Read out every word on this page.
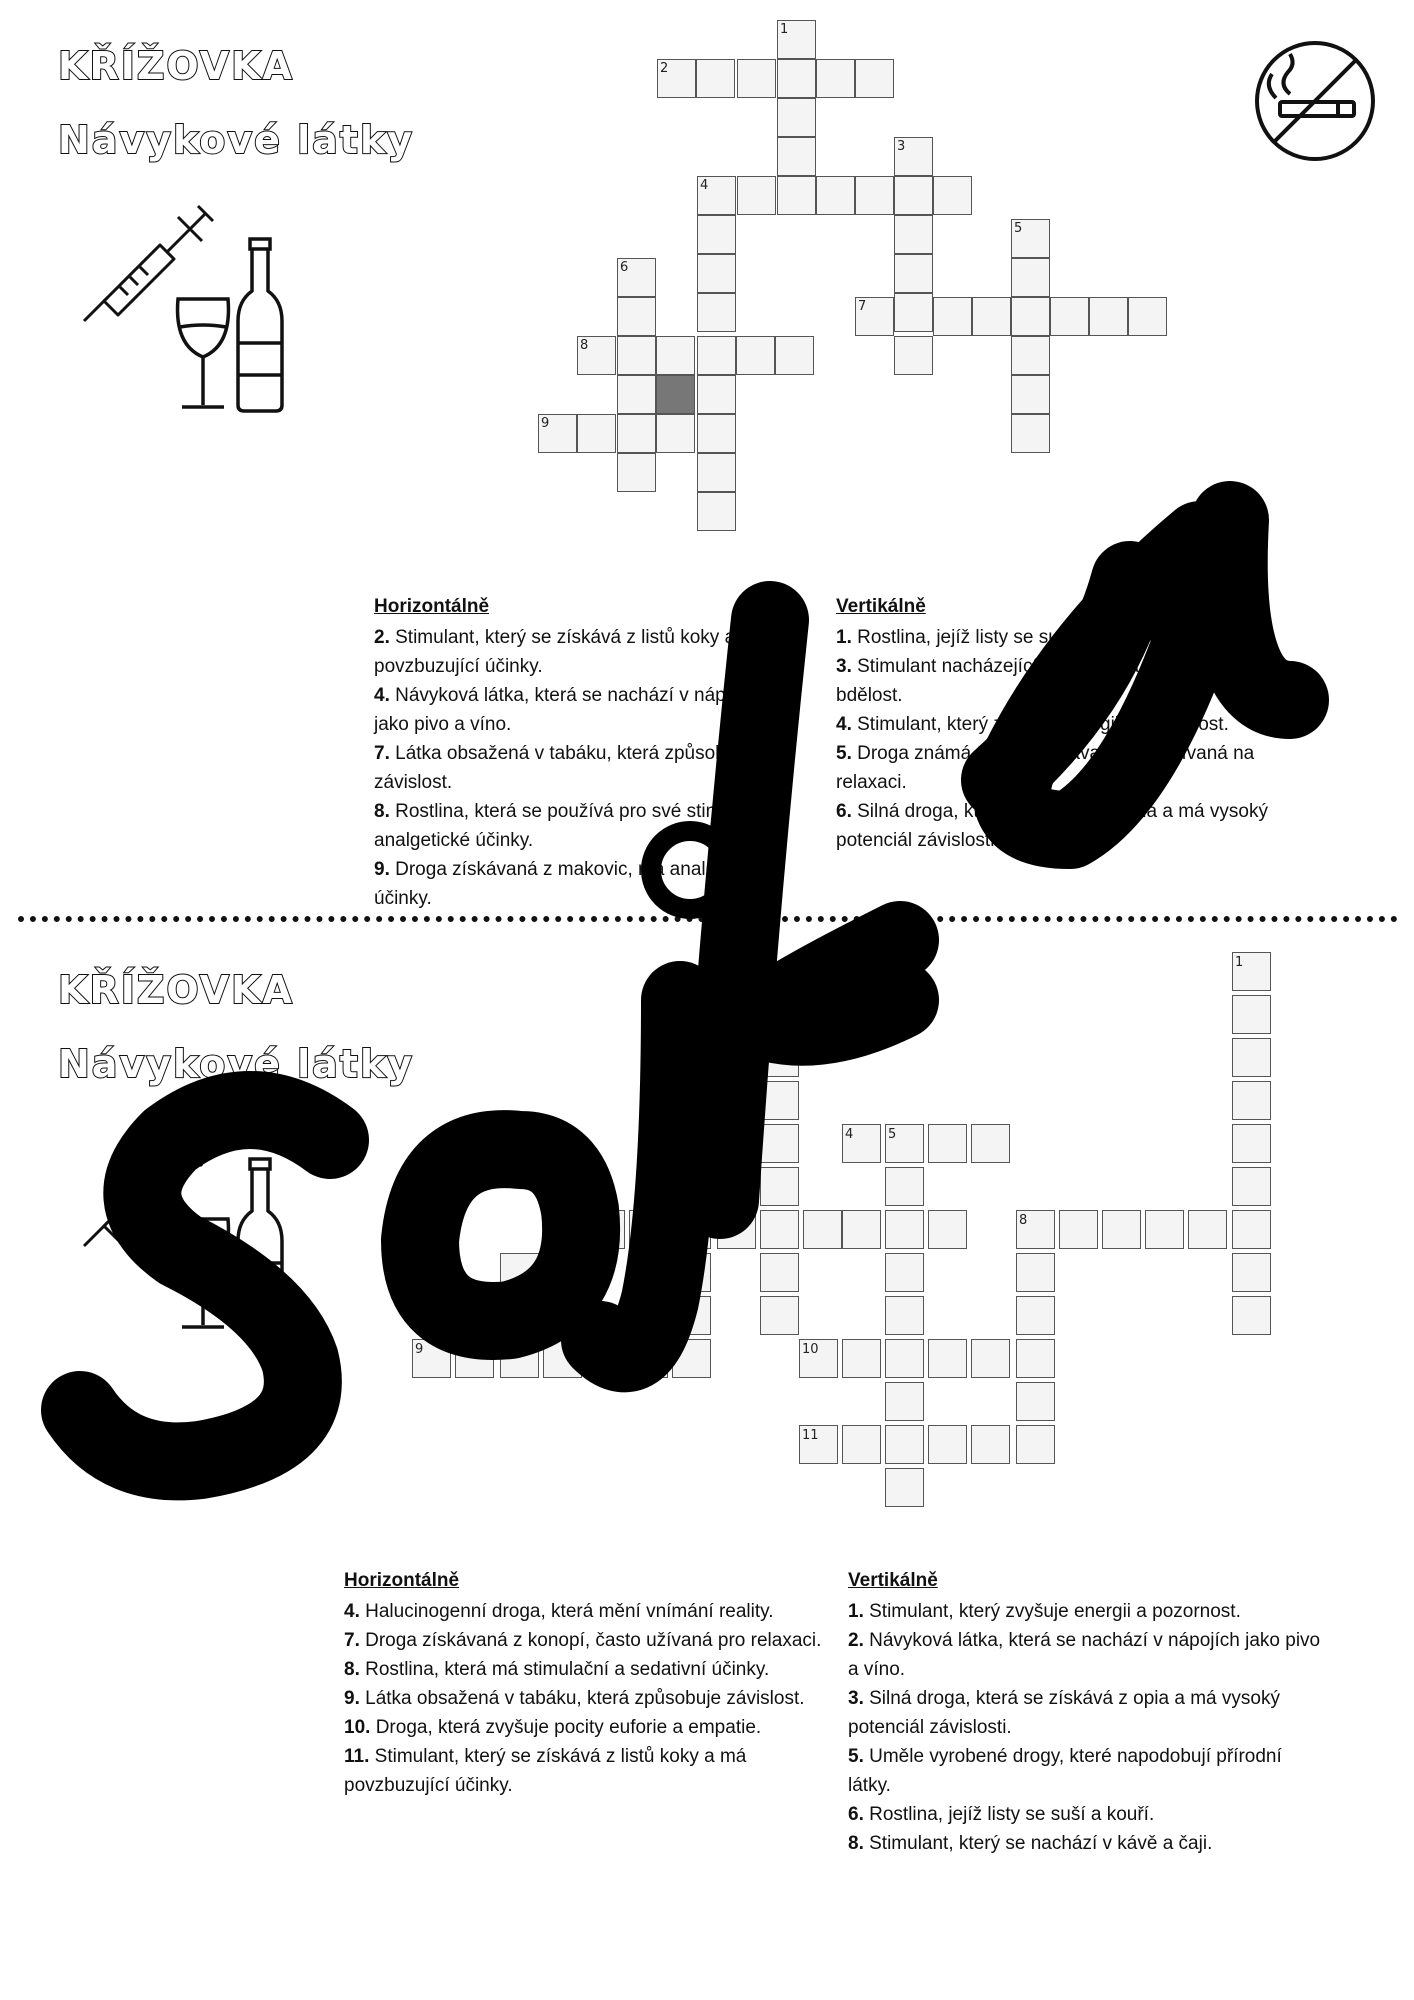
KŘÍŽOVKA
Návykové látky
1
2
3
4
5
6
7
8
9
Horizontálně

2. Stimulant, který se získává z listů koky a má povzbuzující účinky.

4. Návyková látka, která se nachází v nápojích jako pivo a víno.

7. Látka obsažená v tabáku, která způsobuje závislost.

8. Rostlina, která se používá pro své stimulační a analgetické účinky.

9. Droga získávaná z makovic, má analgetické účinky.

Vertikálně

1. Rostlina, jejíž listy se suší a kouří.

3. Stimulant nacházející se v kávě a čaji, zvyšuje bdělost.

4. Stimulant, který zvyšuje energii a pozornost.

5. Droga známá také jako tráva, často užívaná na relaxaci.

6. Silná droga, která se získává z opia a má vysoký potenciál závislosti.

KŘÍŽOVKA
Návykové látky
1
4	5
7	8
9	10
11
Horizontálně

4. Halucinogenní droga, která mění vnímání reality.

7. Droga získávaná z konopí, často užívaná pro relaxaci.

8. Rostlina, která má stimulační a sedativní účinky.

9. Látka obsažená v tabáku, která způsobuje závislost.

10. Droga, která zvyšuje pocity euforie a empatie.

11. Stimulant, který se získává z listů koky a má povzbuzující účinky.

Vertikálně

1. Stimulant, který zvyšuje energii a pozornost.

2. Návyková látka, která se nachází v nápojích jako pivo a víno.

3. Silná droga, která se získává z opia a má vysoký potenciál závislosti.

5. Uměle vyrobené drogy, které napodobují přírodní látky.

6. Rostlina, jejíž listy se suší a kouří.

8. Stimulant, který se nachází v kávě a čaji.
